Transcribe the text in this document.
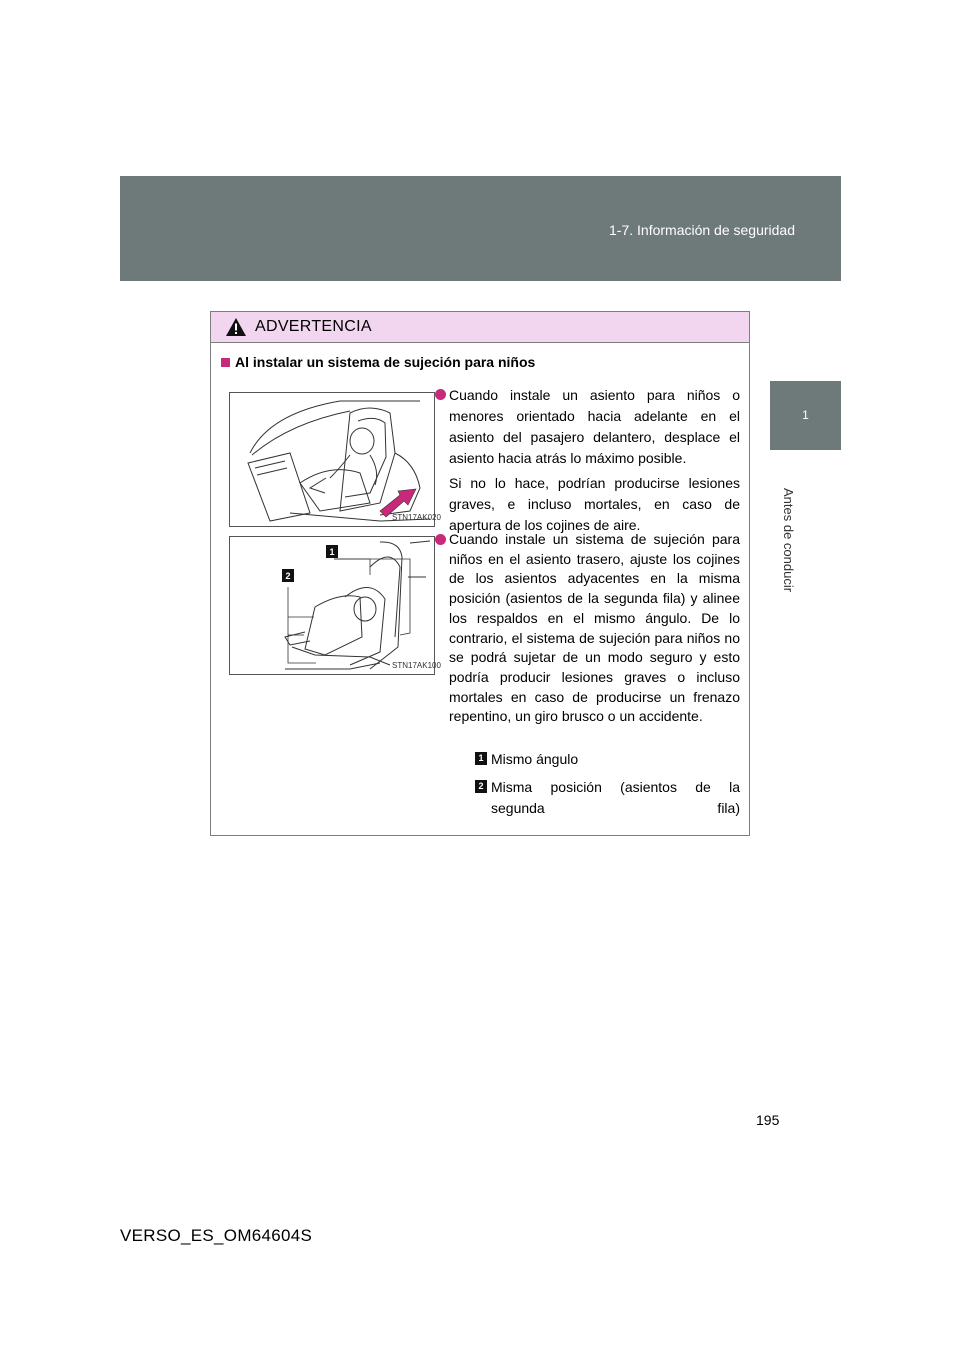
1-7. Información de seguridad
1
Antes de conducir
ADVERTENCIA
Al instalar un sistema de sujeción para niños
STN17AK020
1
2
STN17AK100

Cuando instale un asiento para niños o menores orientado hacia adelante en el asiento del pasajero delantero, desplace el asiento hacia atrás lo máximo posible.

Si no lo hace, podrían producirse lesiones graves, e incluso mortales, en caso de apertura de los cojines de aire.

Cuando instale un sistema de sujeción para niños en el asiento trasero, ajuste los cojines de los asientos adyacentes en la misma posición (asientos de la segunda fila) y alinee los respaldos en el mismo ángulo. De lo contrario, el sistema de sujeción para niños no se podrá sujetar de un modo seguro y esto podría producir lesiones graves o incluso mortales en caso de producirse un frenazo repentino, un giro brusco o un accidente.

1 Mismo ángulo
2 Misma posición (asientos de la segunda fila)
195
VERSO_ES_OM64604S
